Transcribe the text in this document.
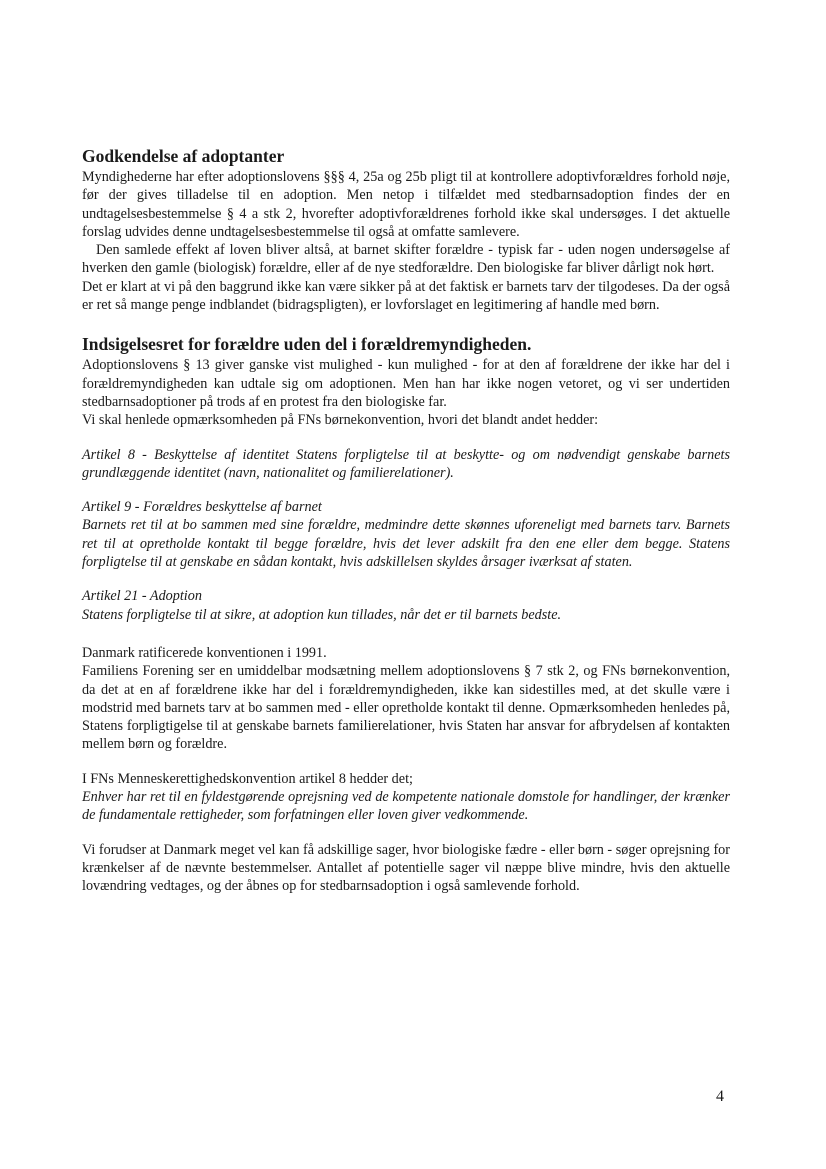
Godkendelse af adoptanter

Myndighederne har efter adoptionslovens §§§ 4, 25a og 25b pligt til at kontrollere adoptivforældres forhold nøje, før der gives tilladelse til en adoption. Men netop i tilfældet med stedbarnsadoption findes der en undtagelsesbestemmelse § 4 a stk 2, hvorefter adoptivforældrenes forhold ikke skal undersøges. I det aktuelle forslag udvides denne undtagelsesbestemmelse til også at omfatte samlevere.

Den samlede effekt af loven bliver altså, at barnet skifter forældre - typisk far - uden nogen undersøgelse af hverken den gamle (biologisk) forældre, eller af de nye stedforældre. Den biologiske far bliver dårligt nok hørt.

Det er klart at vi på den baggrund ikke kan være sikker på at det faktisk er barnets tarv der tilgodeses. Da der også er ret så mange penge indblandet (bidragspligten), er lovforslaget en legitimering af handle med børn.

Indsigelsesret for forældre uden del i forældremyndigheden.

Adoptionslovens § 13 giver ganske vist mulighed - kun mulighed - for at den af forældrene der ikke har del i forældremyndigheden kan udtale sig om adoptionen. Men han har ikke nogen vetoret, og vi ser undertiden stedbarnsadoptioner på trods af en protest fra den biologiske far.

Vi skal henlede opmærksomheden på FNs børnekonvention, hvori det blandt andet hedder:

Artikel 8 - Beskyttelse af identitet Statens forpligtelse til at beskytte- og om nødvendigt genskabe barnets grundlæggende identitet (navn, nationalitet og familierelationer).

Artikel 9 - Forældres beskyttelse af barnet

Barnets ret til at bo sammen med sine forældre, medmindre dette skønnes uforeneligt med barnets tarv. Barnets ret til at opretholde kontakt til begge forældre, hvis det lever adskilt fra den ene eller dem begge. Statens forpligtelse til at genskabe en sådan kontakt, hvis adskillelsen skyldes årsager iværksat af staten.

Artikel 21 - Adoption

Statens forpligtelse til at sikre, at adoption kun tillades, når det er til barnets bedste.

Danmark ratificerede konventionen i 1991.

Familiens Forening ser en umiddelbar modsætning mellem adoptionslovens § 7 stk 2, og FNs børnekonvention, da det at en af forældrene ikke har del i forældremyndigheden, ikke kan sidestilles med, at det skulle være i modstrid med barnets tarv at bo sammen med - eller opretholde kontakt til denne. Opmærksomheden henledes på, Statens forpligtigelse til at genskabe barnets familierelationer, hvis Staten har ansvar for afbrydelsen af kontakten mellem børn og forældre.

I FNs Menneskerettighedskonvention artikel 8 hedder det;

Enhver har ret til en fyldestgørende oprejsning ved de kompetente nationale domstole for handlinger, der krænker de fundamentale rettigheder, som forfatningen eller loven giver vedkommende.

Vi forudser at Danmark meget vel kan få adskillige sager, hvor biologiske fædre - eller børn - søger oprejsning for krænkelser af de nævnte bestemmelser. Antallet af potentielle sager vil næppe blive mindre, hvis den aktuelle lovændring vedtages, og der åbnes op for stedbarnsadoption i også samlevende forhold.

4
